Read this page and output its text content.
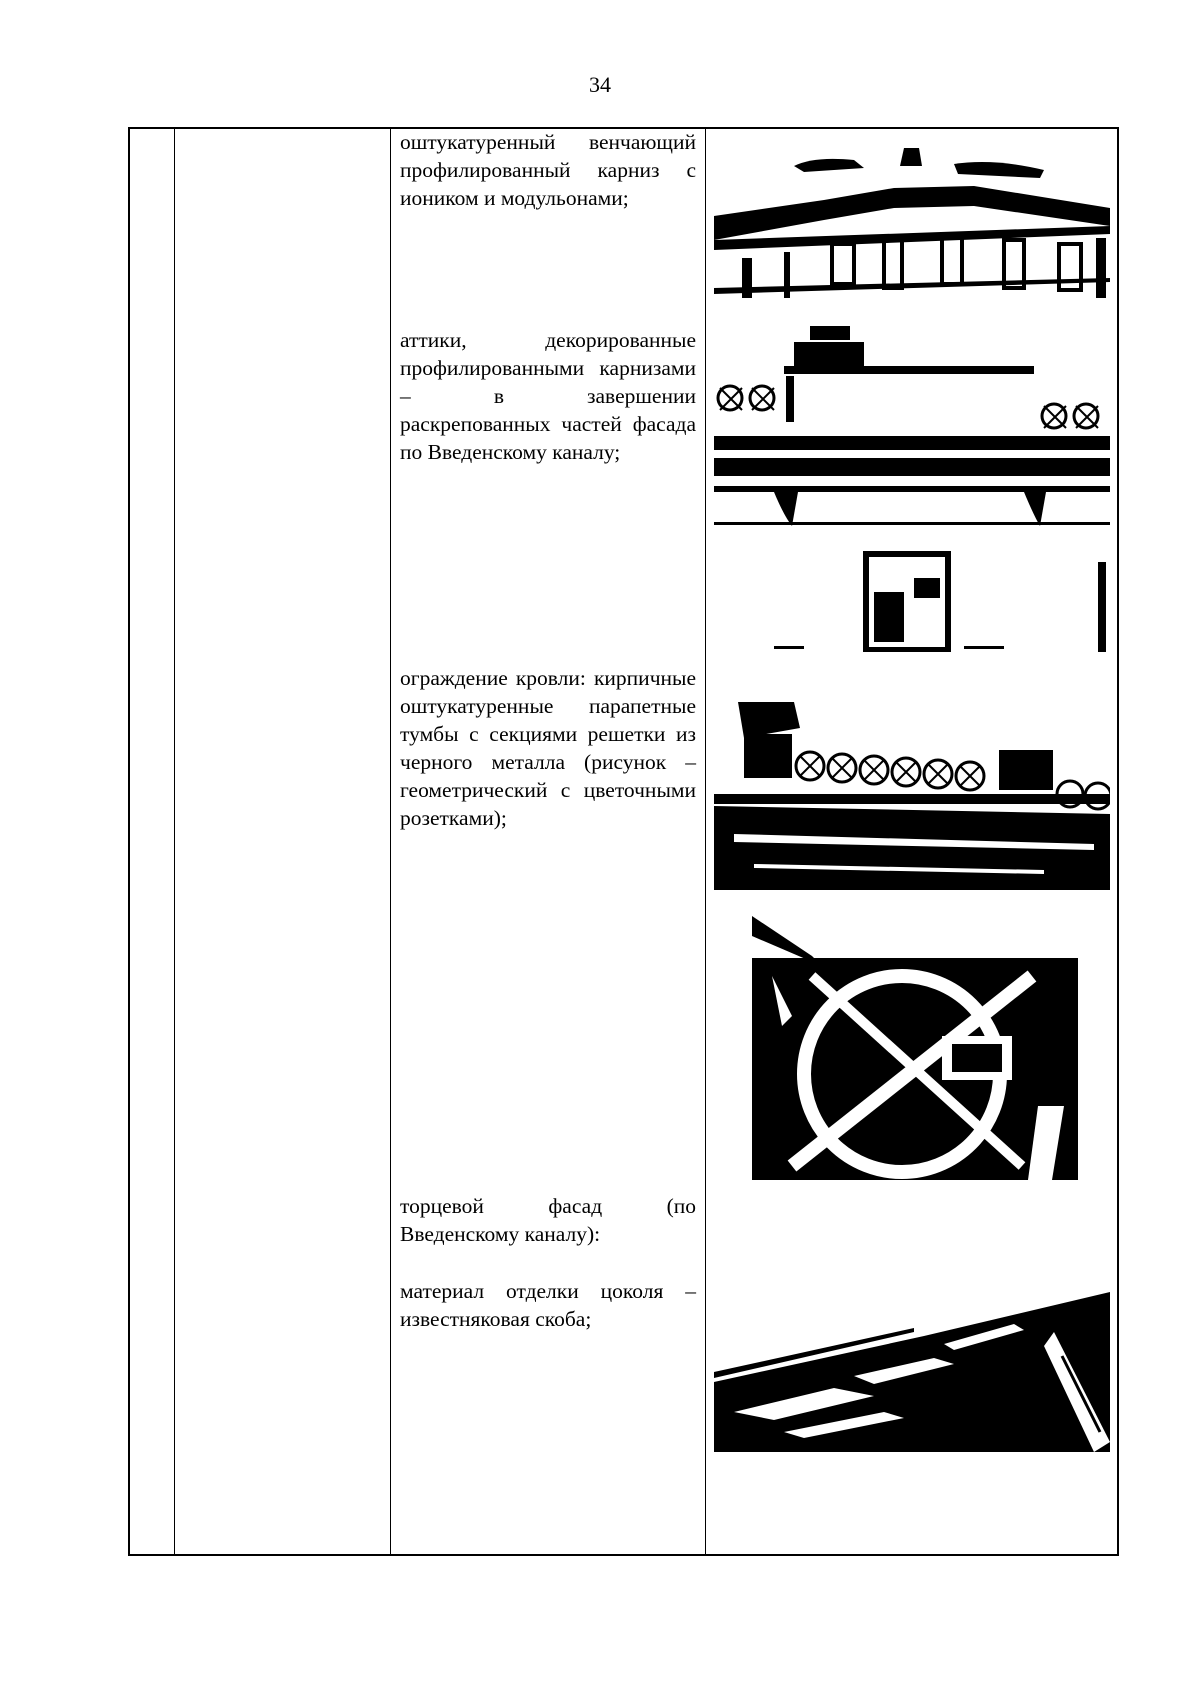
34

оштукатуренный венчающий профилированный карниз с иоником и модульонами;

аттики, декорированные профилированными карнизами – в завершении раскрепованных частей фасада по Введенскому каналу;

ограждение кровли: кирпичные оштукатуренные парапетные тумбы с секциями решетки из черного металла (рисунок – геометрический с цветочными розетками);

торцевой фасад (по Введенскому каналу):

материал отделки цоколя – известняковая скоба;
